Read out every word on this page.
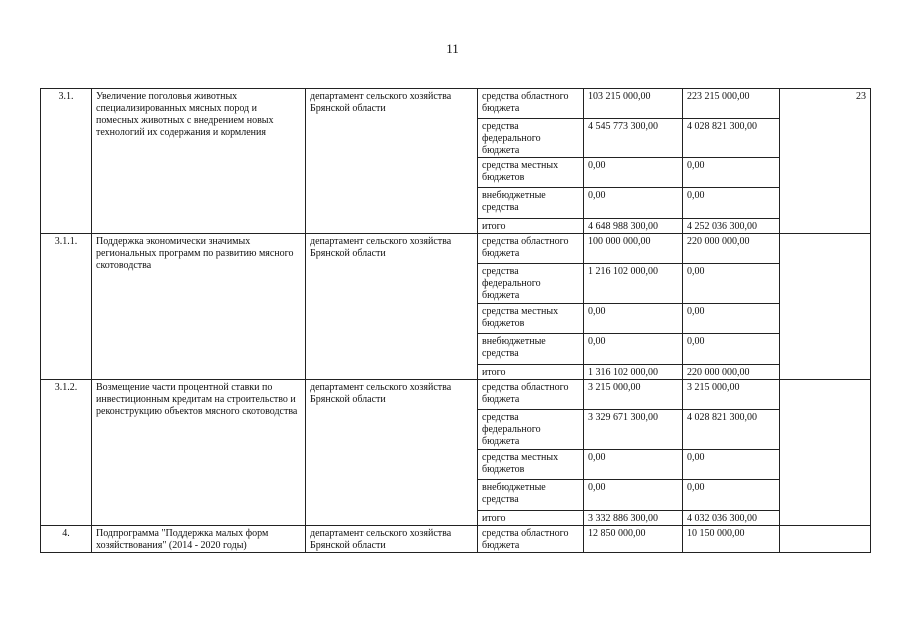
11
3.1.	Увеличение поголовья животных специализированных мясных пород и помесных животных с внедрением новых технологий их содержания и кормления	департамент сельского хозяйства Брянской области	средства областного бюджета	103 215 000,00	223 215 000,00	23
			средства федерального бюджета	4 545 773 300,00	4 028 821 300,00	
			средства местных бюджетов	0,00	0,00	
			внебюджетные средства	0,00	0,00	
			итого	4 648 988 300,00	4 252 036 300,00	
3.1.1.	Поддержка экономически значимых региональных программ по развитию мясного скотоводства	департамент сельского хозяйства Брянской области	средства областного бюджета	100 000 000,00	220 000 000,00	
			средства федерального бюджета	1 216 102 000,00	0,00	
			средства местных бюджетов	0,00	0,00	
			внебюджетные средства	0,00	0,00	
			итого	1 316 102 000,00	220 000 000,00	
3.1.2.	Возмещение части процентной ставки по инвестиционным кредитам на строительство и реконструкцию объектов мясного скотоводства	департамент сельского хозяйства Брянской области	средства областного бюджета	3 215 000,00	3 215 000,00	
			средства федерального бюджета	3 329 671 300,00	4 028 821 300,00	
			средства местных бюджетов	0,00	0,00	
			внебюджетные средства	0,00	0,00	
			итого	3 332 886 300,00	4 032 036 300,00	
4.	Подпрограмма "Поддержка малых форм хозяйствования" (2014 - 2020 годы)	департамент сельского хозяйства Брянской области	средства областного бюджета	12 850 000,00	10 150 000,00	
